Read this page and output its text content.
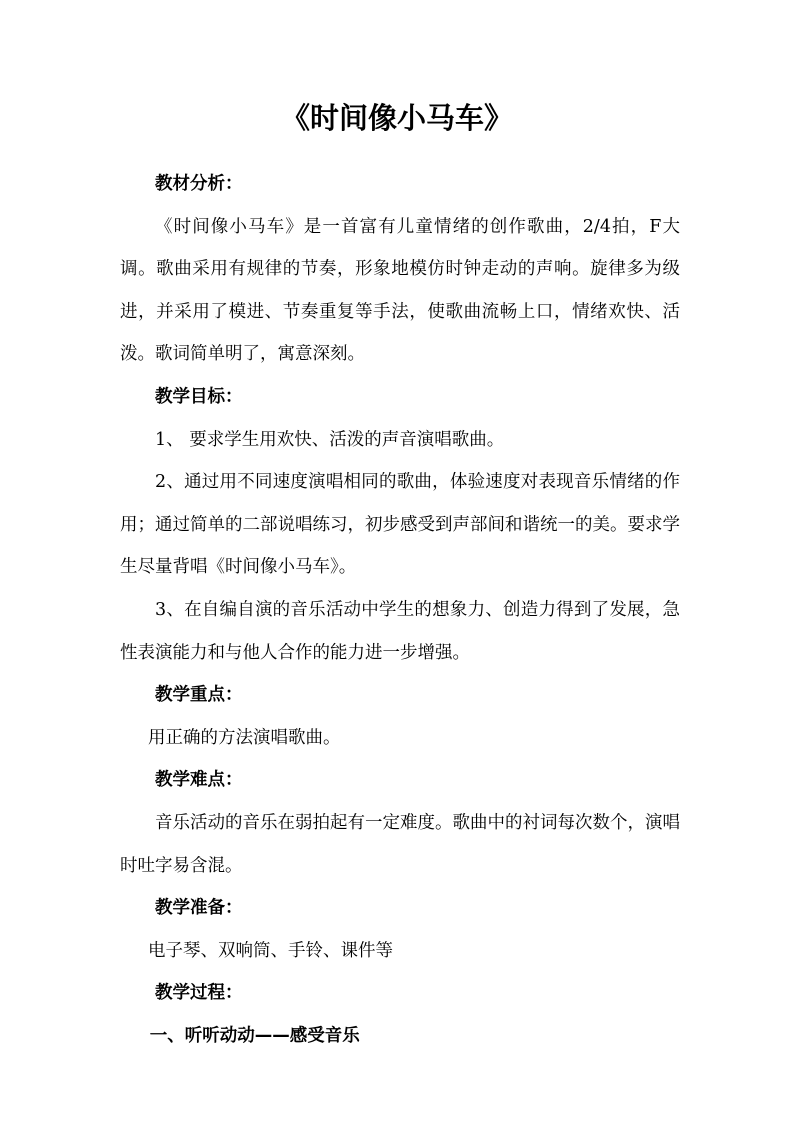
《时间像小马车》

教材分析：

《时间像小马车》是一首富有儿童情绪的创作歌曲，2/4拍，F大调。歌曲采用有规律的节奏，形象地模仿时钟走动的声响。旋律多为级进，并采用了模进、节奏重复等手法，使歌曲流畅上口，情绪欢快、活泼。歌词简单明了，寓意深刻。

教学目标：

1、 要求学生用欢快、活泼的声音演唱歌曲。

2、通过用不同速度演唱相同的歌曲，体验速度对表现音乐情绪的作用；通过简单的二部说唱练习，初步感受到声部间和谐统一的美。要求学生尽量背唱《时间像小马车》。

3、在自编自演的音乐活动中学生的想象力、创造力得到了发展，急性表演能力和与他人合作的能力进一步增强。

教学重点：

用正确的方法演唱歌曲。

教学难点：

音乐活动的音乐在弱拍起有一定难度。歌曲中的衬词每次数个，演唱时吐字易含混。

教学准备：

电子琴、双响筒、手铃、课件等

教学过程：

一、听听动动——感受音乐
